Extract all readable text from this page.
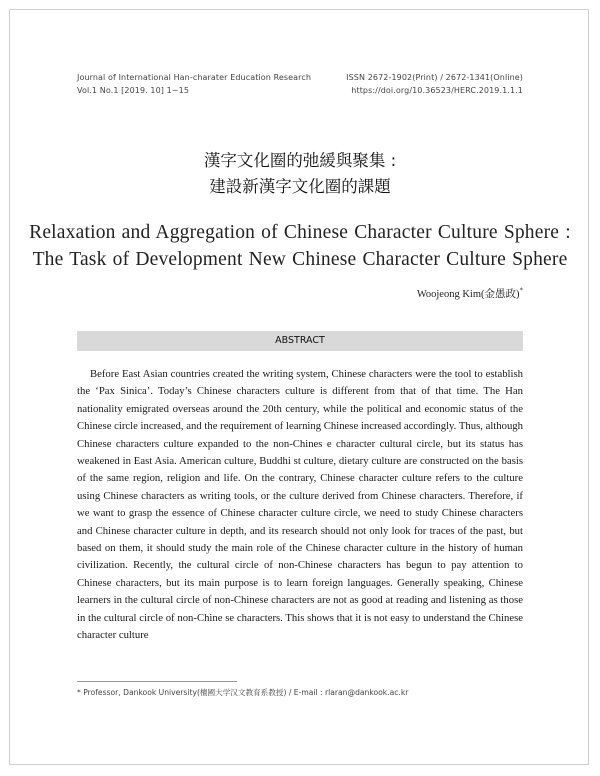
Journal of International Han-charater Education Research
Vol.1 No.1 [2019. 10] 1~15
ISSN 2672-1902(Print) / 2672-1341(Online)
https://doi.org/10.36523/HERC.2019.1.1.1
漢字文化圈的弛緩與聚集 :
建設新漢字文化圈的課題
Relaxation and Aggregation of Chinese Character Culture Sphere :
The Task of Development New Chinese Character Culture Sphere
Woojeong Kim(金愚政)*
ABSTRACT

Before East Asian countries created the writing system, Chinese characters were the tool to establish the ‘Pax Sinica’. Today’s Chinese characters culture is different from that of that time. The Han nationality emigrated overseas around the 20th century, while the political and economic status of the Chinese circle increased, and the requirement of learning Chinese increased accordingly. Thus, although Chinese characters culture expanded to the non-Chines e character cultural circle, but its status has weakened in East Asia. American culture, Buddhi st culture, dietary culture are constructed on the basis of the same region, religion and life. On the contrary, Chinese character culture refers to the culture using Chinese characters as writing tools, or the culture derived from Chinese characters. Therefore, if we want to grasp the essence of Chinese character culture circle, we need to study Chinese characters and Chinese character culture in depth, and its research should not only look for traces of the past, but based on them, it should study the main role of the Chinese character culture in the history of human civilization. Recently, the cultural circle of non-Chinese characters has begun to pay attention to Chinese characters, but its main purpose is to learn foreign languages. Generally speaking, Chinese learners in the cultural circle of non-Chinese characters are not as good at reading and listening as those in the cultural circle of non-Chine se characters. This shows that it is not easy to understand the Chinese character culture

* Professor, Dankook University(檀國大学汉文教育系教授) / E-mail : rlaran@dankook.ac.kr
